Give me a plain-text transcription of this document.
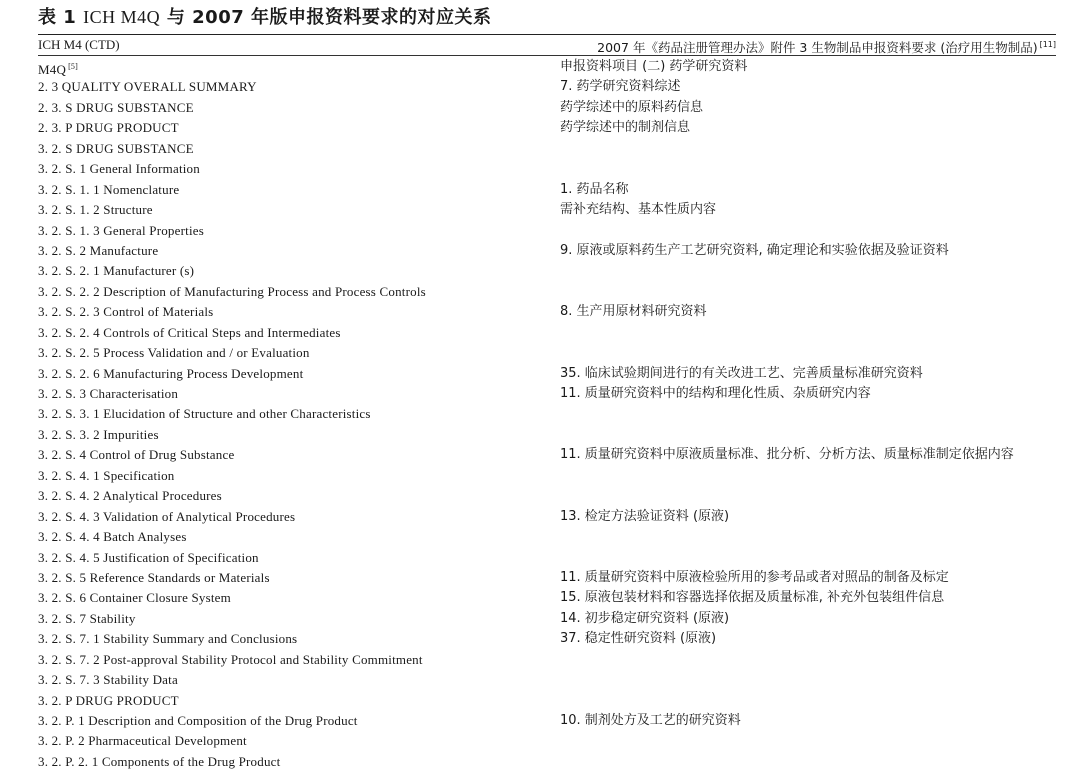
表 1 ICH M4Q 与 2007 年版申报资料要求的对应关系
ICH M4 (CTD)	2007 年《药品注册管理办法》附件 3 生物制品申报资料要求 (治疗用生物制品) [11]
M4Q [5]	申报资料项目 (二) 药学研究资料
2. 3 QUALITY OVERALL SUMMARY	7. 药学研究资料综述
2. 3. S DRUG SUBSTANCE	药学综述中的原料药信息
2. 3. P DRUG PRODUCT	药学综述中的制剂信息
3. 2. S DRUG SUBSTANCE
3. 2. S. 1 General Information
3. 2. S. 1. 1 Nomenclature	1. 药品名称
3. 2. S. 1. 2 Structure	需补充结构、基本性质内容
3. 2. S. 1. 3 General Properties
3. 2. S. 2 Manufacture	9. 原液或原料药生产工艺研究资料, 确定理论和实验依据及验证资料
3. 2. S. 2. 1 Manufacturer (s)
3. 2. S. 2. 2 Description of Manufacturing Process and Process Controls
3. 2. S. 2. 3 Control of Materials	8. 生产用原材料研究资料
3. 2. S. 2. 4 Controls of Critical Steps and Intermediates
3. 2. S. 2. 5 Process Validation and / or Evaluation
3. 2. S. 2. 6 Manufacturing Process Development	35. 临床试验期间进行的有关改进工艺、完善质量标准研究资料
3. 2. S. 3 Characterisation	11. 质量研究资料中的结构和理化性质、杂质研究内容
3. 2. S. 3. 1 Elucidation of Structure and other Characteristics
3. 2. S. 3. 2 Impurities
3. 2. S. 4 Control of Drug Substance	11. 质量研究资料中原液质量标准、批分析、分析方法、质量标准制定依据内容
3. 2. S. 4. 1 Specification
3. 2. S. 4. 2 Analytical Procedures
3. 2. S. 4. 3 Validation of Analytical Procedures	13. 检定方法验证资料 (原液)
3. 2. S. 4. 4 Batch Analyses
3. 2. S. 4. 5 Justification of Specification
3. 2. S. 5 Reference Standards or Materials	11. 质量研究资料中原液检验所用的参考品或者对照品的制备及标定
3. 2. S. 6 Container Closure System	15. 原液包装材料和容器选择依据及质量标准, 补充外包装组件信息
3. 2. S. 7 Stability	14. 初步稳定研究资料 (原液)
3. 2. S. 7. 1 Stability Summary and Conclusions	37. 稳定性研究资料 (原液)
3. 2. S. 7. 2 Post-approval Stability Protocol and Stability Commitment
3. 2. S. 7. 3 Stability Data
3. 2. P DRUG PRODUCT
3. 2. P. 1 Description and Composition of the Drug Product	10. 制剂处方及工艺的研究资料
3. 2. P. 2 Pharmaceutical Development
3. 2. P. 2. 1 Components of the Drug Product
